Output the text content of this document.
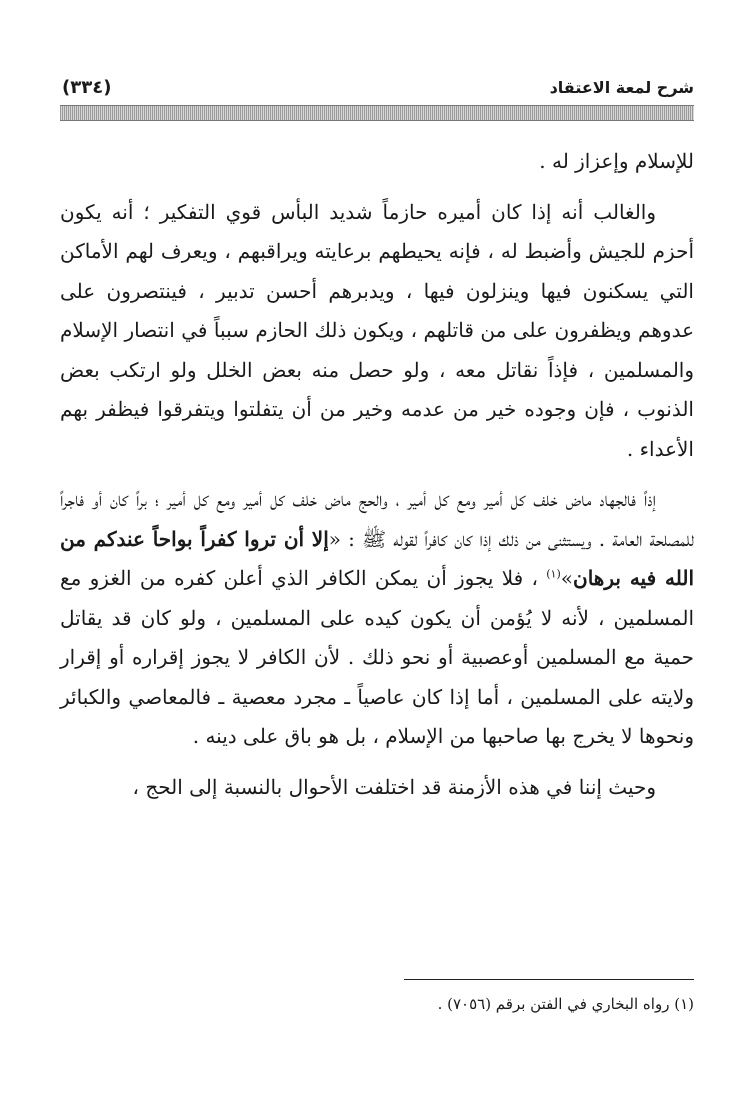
(٣٣٤)	شرح لمعة الاعتقاد

للإسلام وإعزاز له .

والغالب أنه إذا كان أميره حازماً شديد البأس قوي التفكير ؛ أنه يكون أحزم للجيش وأضبط له ، فإنه يحيطهم برعايته ويراقبهم ، ويعرف لهم الأماكن التي يسكنون فيها وينزلون فيها ، ويدبرهم أحسن تدبير ، فينتصرون على عدوهم ويظفرون على من قاتلهم ، ويكون ذلك الحازم سبباً في انتصار الإسلام والمسلمين ، فإذاً نقاتل معه ، ولو حصل منه بعض الخلل ولو ارتكب بعض الذنوب ، فإن وجوده خير من عدمه وخير من أن يتفلتوا ويتفرقوا فيظفر بهم الأعداء .

إذاً فالجهاد ماض خلف كل أمير ومع كل أمير ، والحج ماض خلف كل أمير ومع كل أمير ؛ براً كان أو فاجراً للمصلحة العامة . ويستثنى من ذلك إذا كان كافراً لقوله ﷺ : «إلا أن تروا كفراً بواحاً عندكم من الله فيه برهان»$^{(١)}$ ، فلا يجوز أن يمكن الكافر الذي أعلن كفره من الغزو مع المسلمين ، لأنه لا يُؤمن أن يكون كيده على المسلمين ، ولو كان قد يقاتل حمية مع المسلمين أوعصبية أو نحو ذلك . لأن الكافر لا يجوز إقراره أو إقرار ولايته على المسلمين ، أما إذا كان عاصياً ـ مجرد معصية ـ فالمعاصي والكبائر ونحوها لا يخرج بها صاحبها من الإسلام ، بل هو باق على دينه .

وحيث إننا في هذه الأزمنة قد اختلفت الأحوال بالنسبة إلى الحج ،

(١) رواه البخاري في الفتن برقم (٧٠٥٦) .
